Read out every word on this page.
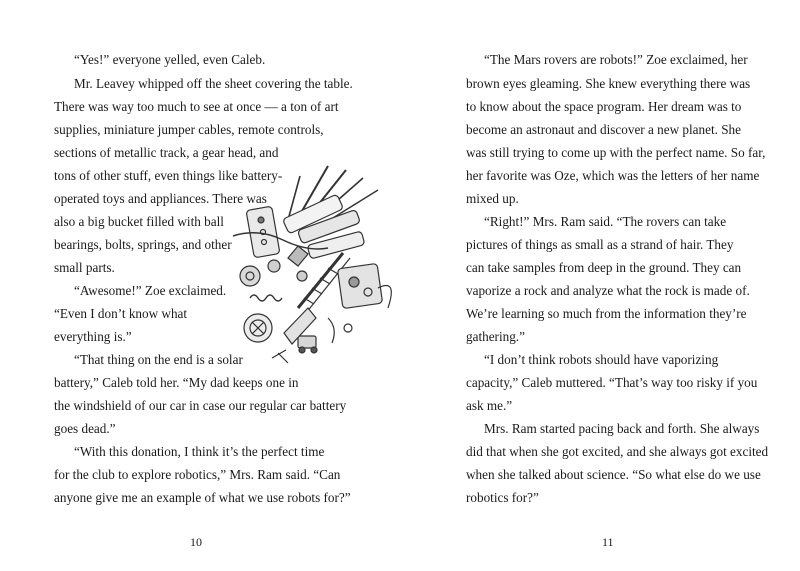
“Yes!” everyone yelled, even Caleb.
Mr. Leavey whipped off the sheet covering the table.
There was way too much to see at once — a ton of art
supplies, miniature jumper cables, remote controls,
sections of metallic track, a gear head, and
tons of other stuff, even things like battery-
operated toys and appliances. There was
also a big bucket filled with ball
bearings, bolts, springs, and other
small parts.
“Awesome!” Zoe exclaimed.
“Even I don’t know what
everything is.”
“That thing on the end is a solar
battery,” Caleb told her. “My dad keeps one in
the windshield of our car in case our regular car battery
goes dead.”
“With this donation, I think it’s the perfect time
for the club to explore robotics,” Mrs. Ram said. “Can
anyone give me an example of what we use robots for?”
10
“The Mars rovers are robots!” Zoe exclaimed, her
brown eyes gleaming. She knew everything there was
to know about the space program. Her dream was to
become an astronaut and discover a new planet. She
was still trying to come up with the perfect name. So far,
her favorite was Oze, which was the letters of her name
mixed up.
“Right!” Mrs. Ram said. “The rovers can take
pictures of things as small as a strand of hair. They
can take samples from deep in the ground. They can
vaporize a rock and analyze what the rock is made of.
We’re learning so much from the information they’re
gathering.”
“I don’t think robots should have vaporizing
capacity,” Caleb muttered. “That’s way too risky if you
ask me.”
Mrs. Ram started pacing back and forth. She always
did that when she got excited, and she always got excited
when she talked about science. “So what else do we use
robotics for?”
11
